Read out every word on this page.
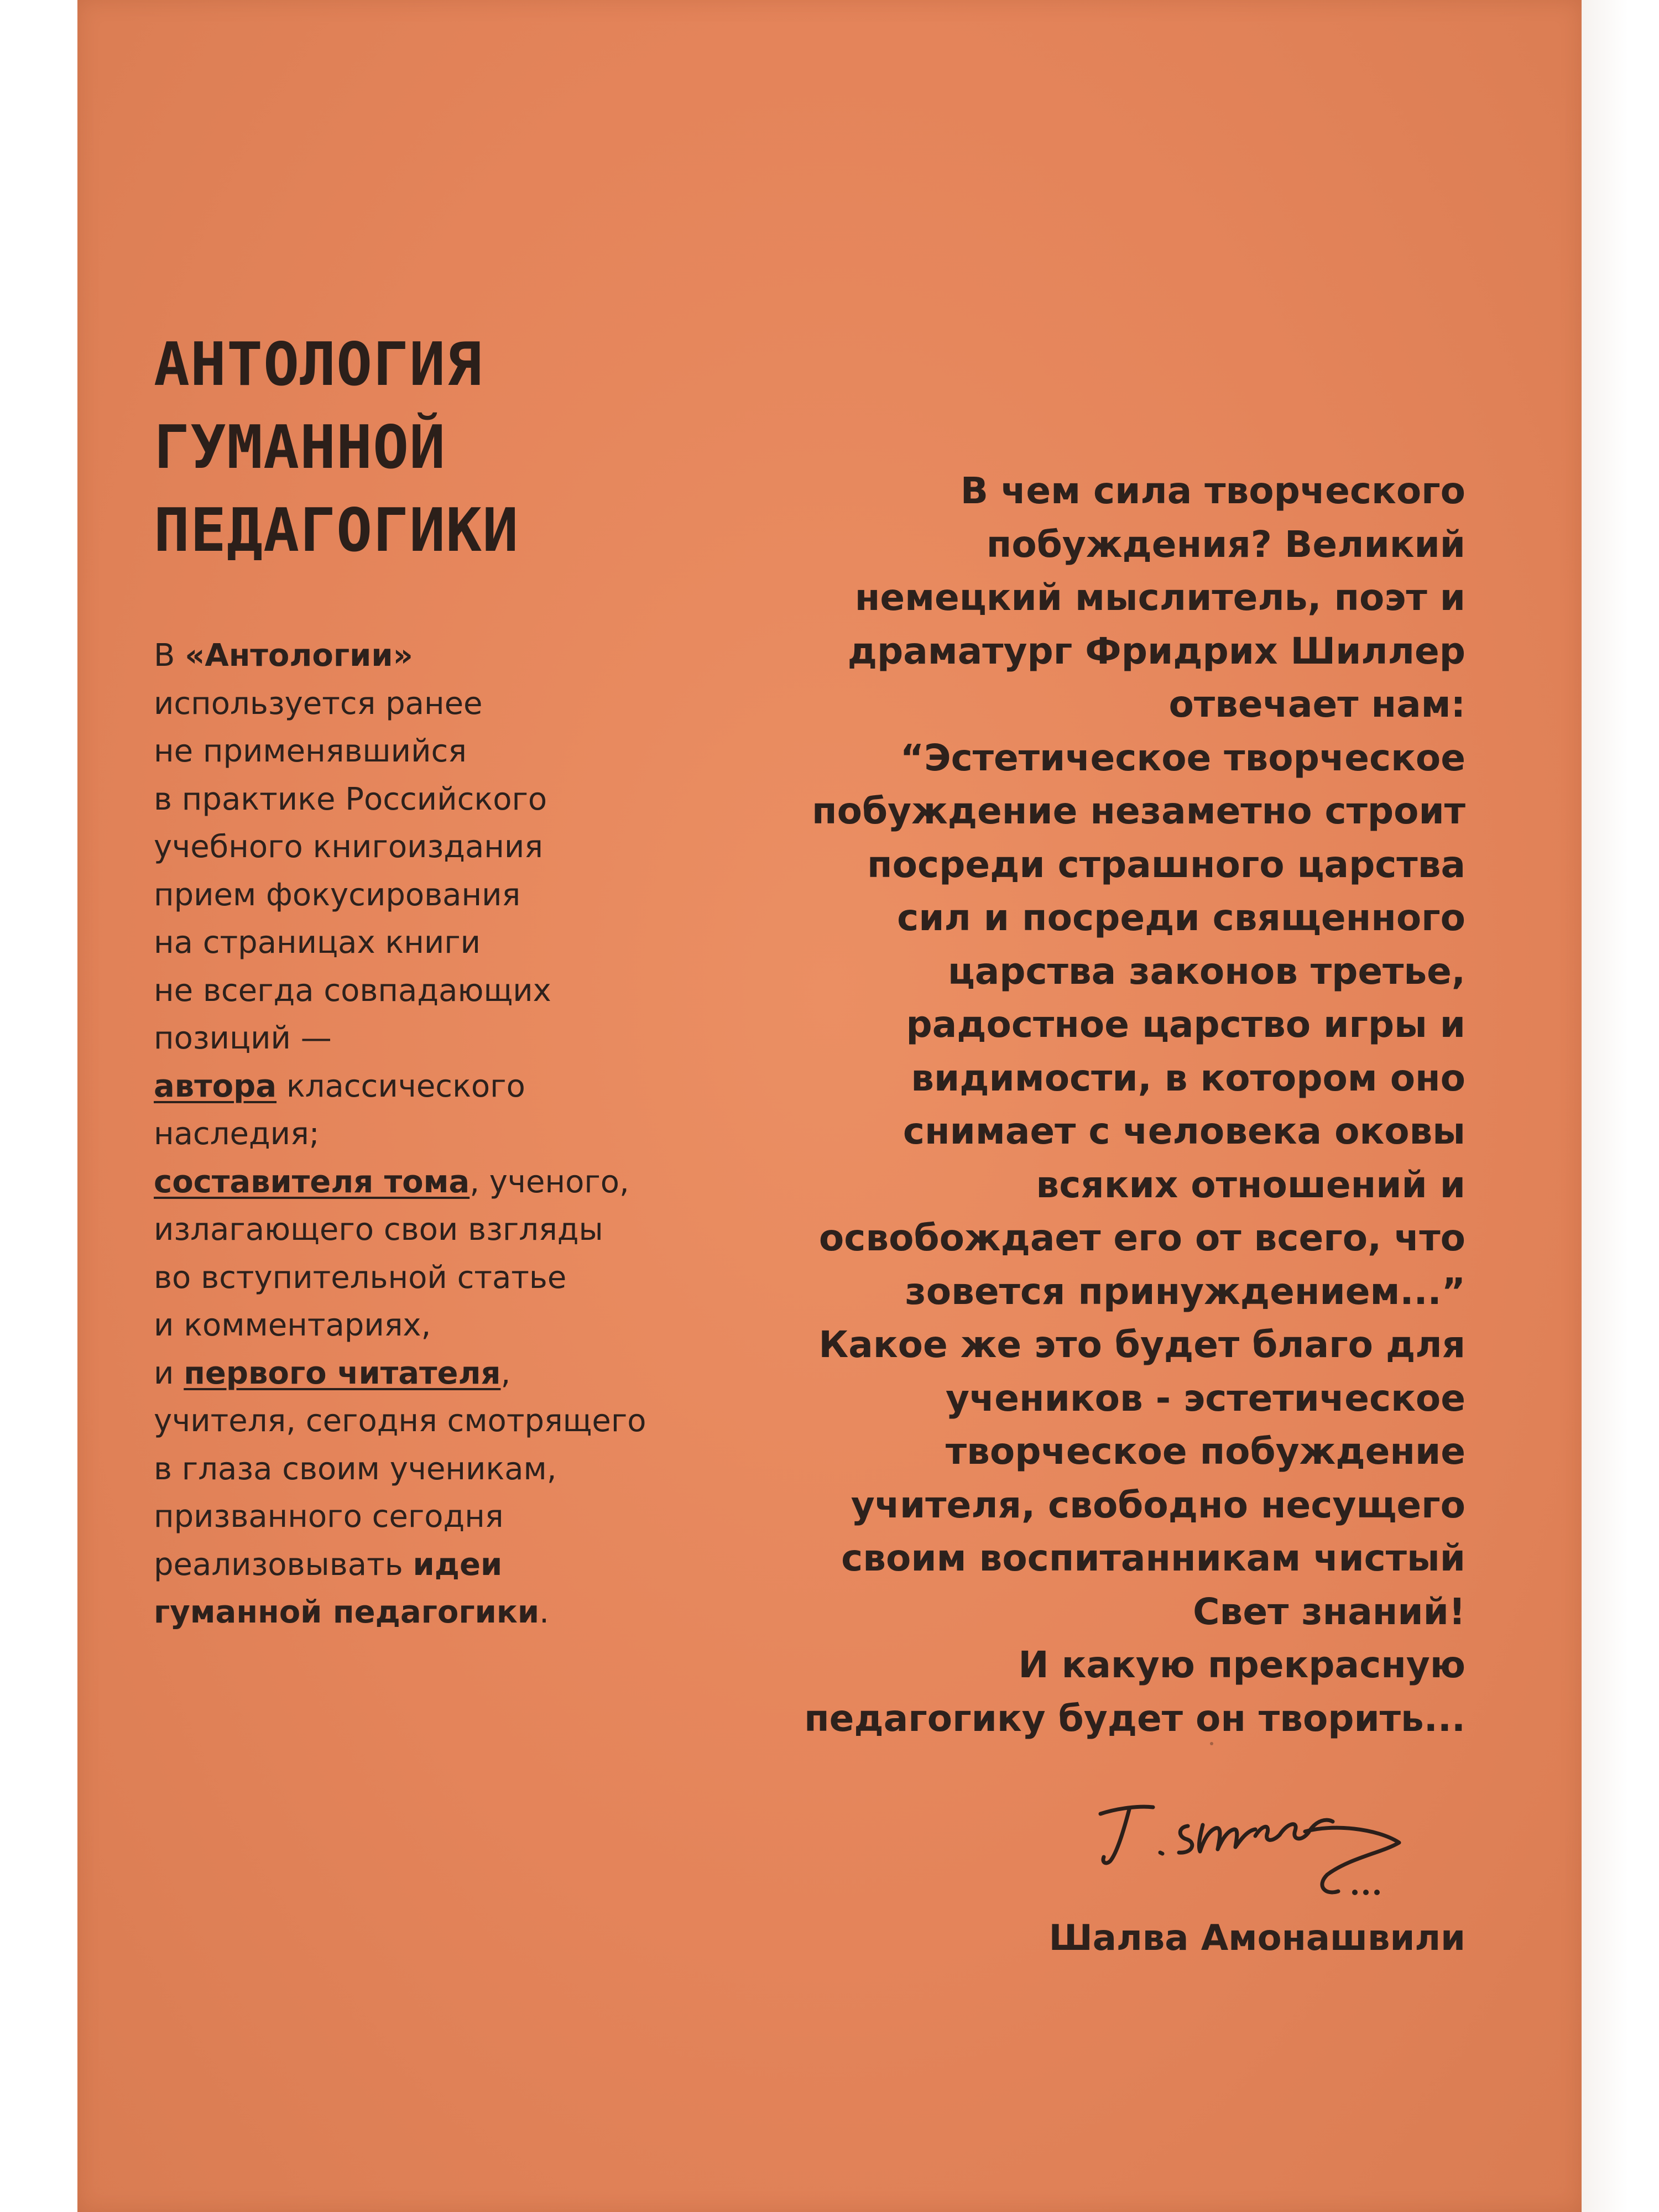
АНТОЛОГИЯ
ГУМАННОЙ
ПЕДАГОГИКИ
В «Антологии»
используется ранее
не применявшийся
в практике Российского
учебного книгоиздания
прием фокусирования
на страницах книги
не всегда совпадающих
позиций —
автора классического
наследия;
составителя тома, ученого,
излагающего свои взгляды
во вступительной статье
и комментариях,
и первого читателя,
учителя, сегодня смотрящего
в глаза своим ученикам,
призванного сегодня
реализовывать идеи
гуманной педагогики.
В чем сила творческого
побуждения? Великий
немецкий мыслитель, поэт и
драматург Фридрих Шиллер
отвечает нам:
“Эстетическое творческое
побуждение незаметно строит
посреди страшного царства
сил и посреди священного
царства законов третье,
радостное царство игры и
видимости, в котором оно
снимает с человека оковы
всяких отношений и
освобождает его от всего, что
зовется принуждением...”
Какое же это будет благо для
учеников - эстетическое
творческое побуждение
учителя, свободно несущего
своим воспитанникам чистый
Свет знаний!
И какую прекрасную
педагогику будет он творить...
Шалва Амонашвили
